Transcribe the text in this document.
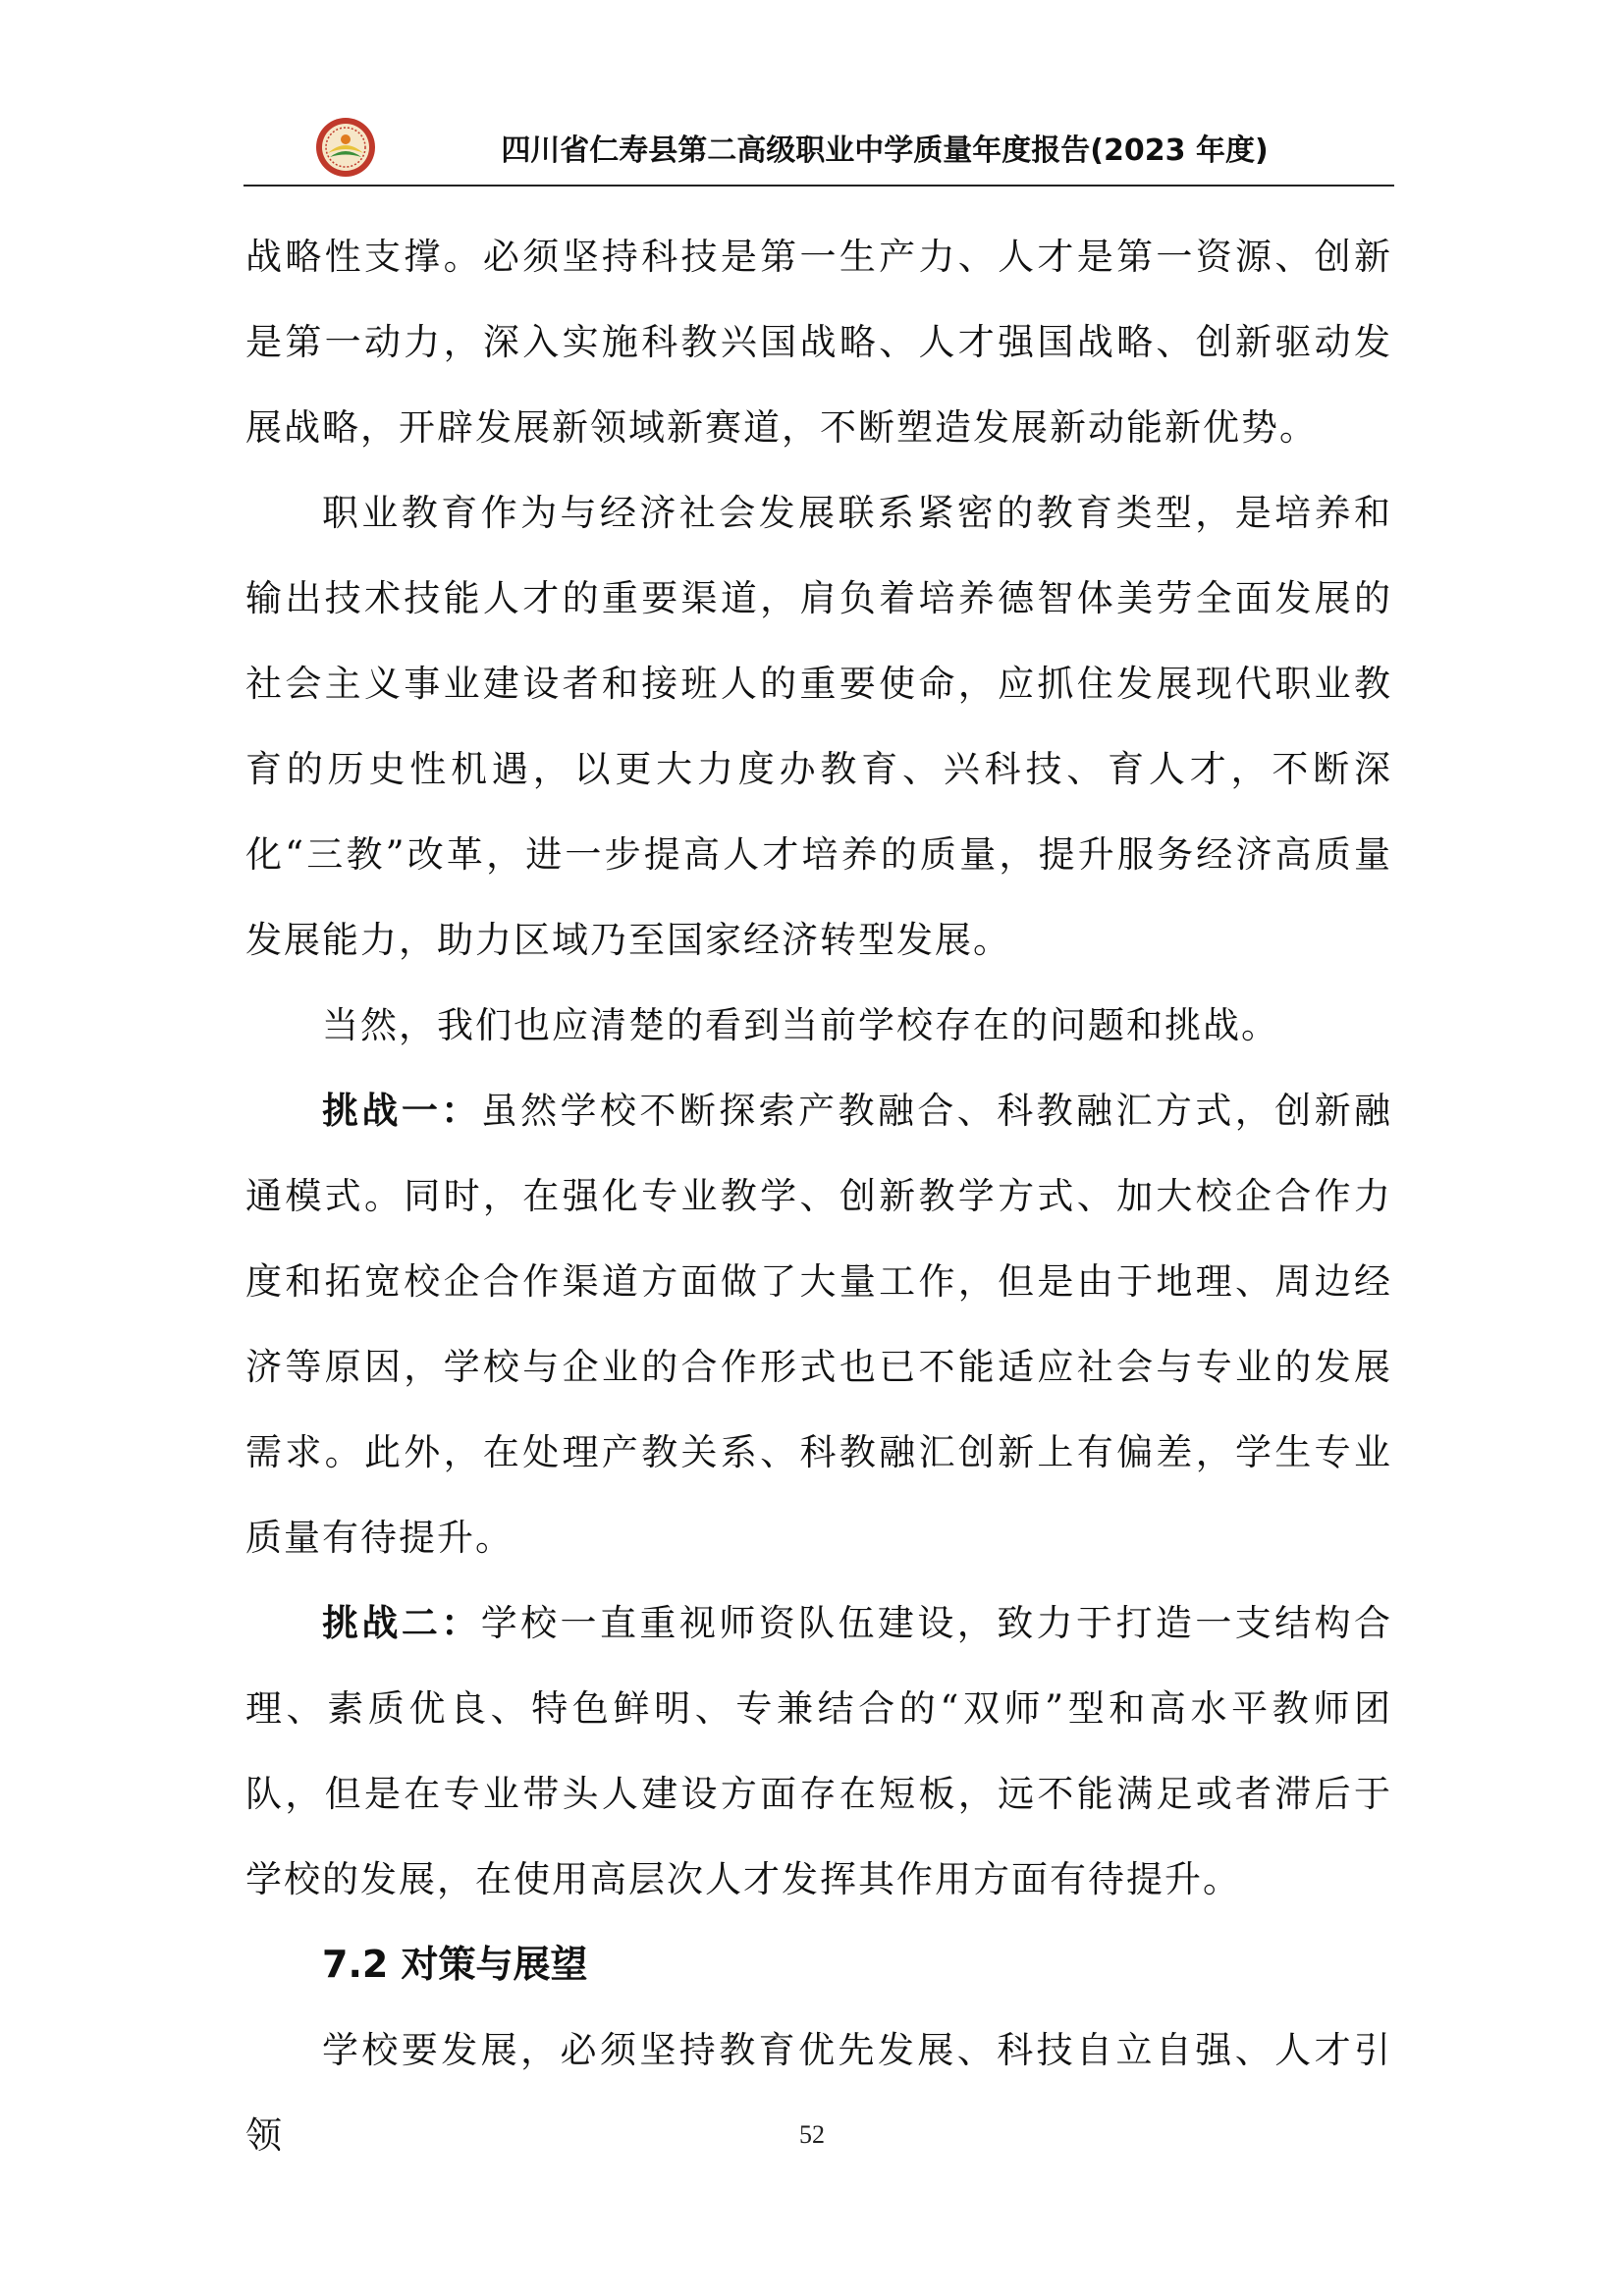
四川省仁寿县第二高级职业中学质量年度报告(2023 年度)

战略性支撑。必须坚持科技是第一生产力、人才是第一资源、创新是第一动力，深入实施科教兴国战略、人才强国战略、创新驱动发展战略，开辟发展新领域新赛道，不断塑造发展新动能新优势。

职业教育作为与经济社会发展联系紧密的教育类型，是培养和输出技术技能人才的重要渠道，肩负着培养德智体美劳全面发展的社会主义事业建设者和接班人的重要使命，应抓住发展现代职业教育的历史性机遇，以更大力度办教育、兴科技、育人才，不断深化“三教”改革，进一步提高人才培养的质量，提升服务经济高质量发展能力，助力区域乃至国家经济转型发展。

当然，我们也应清楚的看到当前学校存在的问题和挑战。

挑战一：虽然学校不断探索产教融合、科教融汇方式，创新融通模式。同时，在强化专业教学、创新教学方式、加大校企合作力度和拓宽校企合作渠道方面做了大量工作，但是由于地理、周边经济等原因，学校与企业的合作形式也已不能适应社会与专业的发展需求。此外，在处理产教关系、科教融汇创新上有偏差，学生专业质量有待提升。

挑战二：学校一直重视师资队伍建设，致力于打造一支结构合理、素质优良、特色鲜明、专兼结合的“双师”型和高水平教师团队，但是在专业带头人建设方面存在短板，远不能满足或者滞后于学校的发展，在使用高层次人才发挥其作用方面有待提升。

7.2 对策与展望

学校要发展，必须坚持教育优先发展、科技自立自强、人才引领	52
